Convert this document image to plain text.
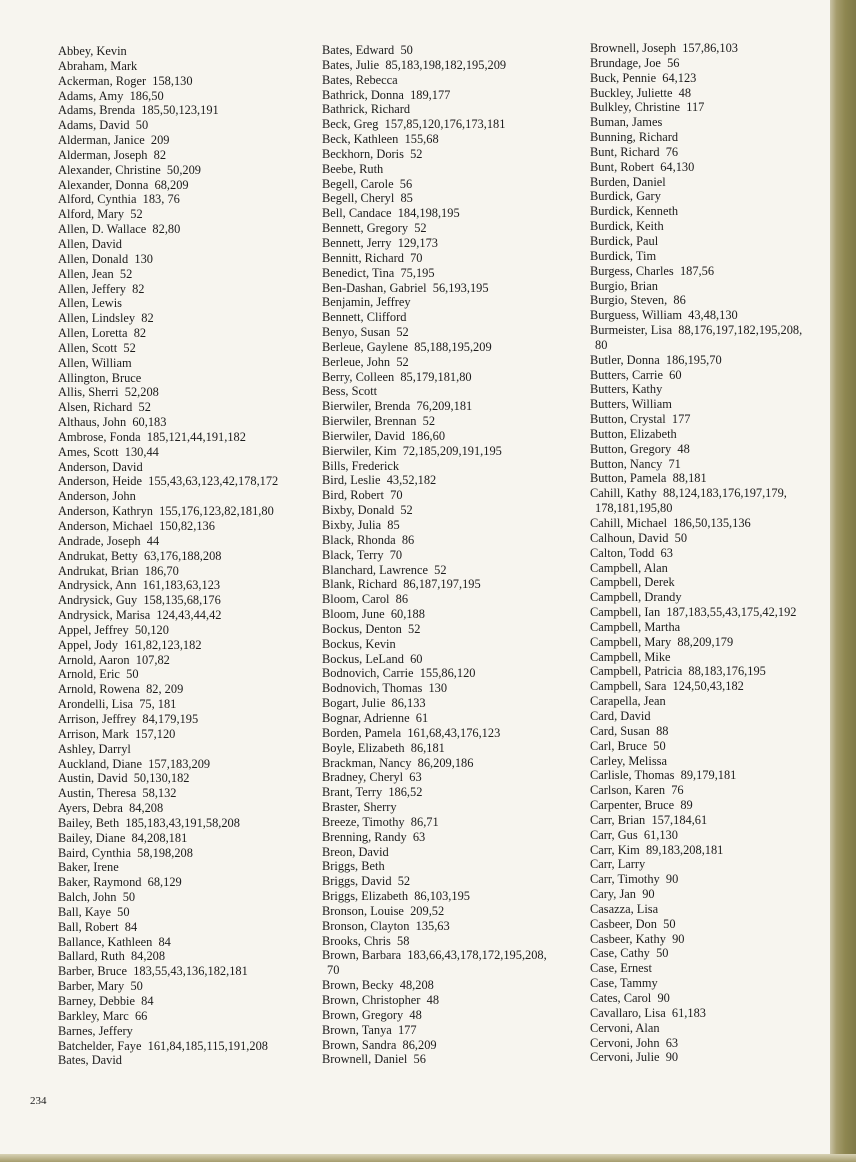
Abbey, Kevin
Abraham, Mark
Ackerman, Roger  158,130
Adams, Amy  186,50
Adams, Brenda  185,50,123,191
Adams, David  50
Alderman, Janice  209
Alderman, Joseph  82
Alexander, Christine  50,209
Alexander, Donna  68,209
Alford, Cynthia  183, 76
Alford, Mary  52
Allen, D. Wallace  82,80
Allen, David
Allen, Donald  130
Allen, Jean  52
Allen, Jeffery  82
Allen, Lewis
Allen, Lindsley  82
Allen, Loretta  82
Allen, Scott  52
Allen, William
Allington, Bruce
Allis, Sherri  52,208
Alsen, Richard  52
Althaus, John  60,183
Ambrose, Fonda  185,121,44,191,182
Ames, Scott  130,44
Anderson, David
Anderson, Heide  155,43,63,123,42,178,172
Anderson, John
Anderson, Kathryn  155,176,123,82,181,80
Anderson, Michael  150,82,136
Andrade, Joseph  44
Andrukat, Betty  63,176,188,208
Andrukat, Brian  186,70
Andrysick, Ann  161,183,63,123
Andrysick, Guy  158,135,68,176
Andrysick, Marisa  124,43,44,42
Appel, Jeffrey  50,120
Appel, Jody  161,82,123,182
Arnold, Aaron  107,82
Arnold, Eric  50
Arnold, Rowena  82, 209
Arondelli, Lisa  75, 181
Arrison, Jeffrey  84,179,195
Arrison, Mark  157,120
Ashley, Darryl
Auckland, Diane  157,183,209
Austin, David  50,130,182
Austin, Theresa  58,132
Ayers, Debra  84,208
Bailey, Beth  185,183,43,191,58,208
Bailey, Diane  84,208,181
Baird, Cynthia  58,198,208
Baker, Irene
Baker, Raymond  68,129
Balch, John  50
Ball, Kaye  50
Ball, Robert  84
Ballance, Kathleen  84
Ballard, Ruth  84,208
Barber, Bruce  183,55,43,136,182,181
Barber, Mary  50
Barney, Debbie  84
Barkley, Marc  66
Barnes, Jeffery
Batchelder, Faye  161,84,185,115,191,208
Bates, David
Bates, Edward  50
Bates, Julie  85,183,198,182,195,209
Bates, Rebecca
Bathrick, Donna  189,177
Bathrick, Richard
Beck, Greg  157,85,120,176,173,181
Beck, Kathleen  155,68
Beckhorn, Doris  52
Beebe, Ruth
Begell, Carole  56
Begell, Cheryl  85
Bell, Candace  184,198,195
Bennett, Gregory  52
Bennett, Jerry  129,173
Bennitt, Richard  70
Benedict, Tina  75,195
Ben-Dashan, Gabriel  56,193,195
Benjamin, Jeffrey
Bennett, Clifford
Benyo, Susan  52
Berleue, Gaylene  85,188,195,209
Berleue, John  52
Berry, Colleen  85,179,181,80
Bess, Scott
Bierwiler, Brenda  76,209,181
Bierwiler, Brennan  52
Bierwiler, David  186,60
Bierwiler, Kim  72,185,209,191,195
Bills, Frederick
Bird, Leslie  43,52,182
Bird, Robert  70
Bixby, Donald  52
Bixby, Julia  85
Black, Rhonda  86
Black, Terry  70
Blanchard, Lawrence  52
Blank, Richard  86,187,197,195
Bloom, Carol  86
Bloom, June  60,188
Bockus, Denton  52
Bockus, Kevin
Bockus, LeLand  60
Bodnovich, Carrie  155,86,120
Bodnovich, Thomas  130
Bogart, Julie  86,133
Bognar, Adrienne  61
Borden, Pamela  161,68,43,176,123
Boyle, Elizabeth  86,181
Brackman, Nancy  86,209,186
Bradney, Cheryl  63
Brant, Terry  186,52
Braster, Sherry
Breeze, Timothy  86,71
Brenning, Randy  63
Breon, David
Briggs, Beth
Briggs, David  52
Briggs, Elizabeth  86,103,195
Bronson, Louise  209,52
Bronson, Clayton  135,63
Brooks, Chris  58
Brown, Barbara  183,66,43,178,172,195,208,
70
Brown, Becky  48,208
Brown, Christopher  48
Brown, Gregory  48
Brown, Tanya  177
Brown, Sandra  86,209
Brownell, Daniel  56
Brownell, Joseph  157,86,103
Brundage, Joe  56
Buck, Pennie  64,123
Buckley, Juliette  48
Bulkley, Christine  117
Buman, James
Bunning, Richard
Bunt, Richard  76
Bunt, Robert  64,130
Burden, Daniel
Burdick, Gary
Burdick, Kenneth
Burdick, Keith
Burdick, Paul
Burdick, Tim
Burgess, Charles  187,56
Burgio, Brian
Burgio, Steven,  86
Burguess, William  43,48,130
Burmeister, Lisa  88,176,197,182,195,208,
80
Butler, Donna  186,195,70
Butters, Carrie  60
Butters, Kathy
Butters, William
Button, Crystal  177
Button, Elizabeth
Button, Gregory  48
Button, Nancy  71
Button, Pamela  88,181
Cahill, Kathy  88,124,183,176,197,179,
178,181,195,80
Cahill, Michael  186,50,135,136
Calhoun, David  50
Calton, Todd  63
Campbell, Alan
Campbell, Derek
Campbell, Drandy
Campbell, Ian  187,183,55,43,175,42,192
Campbell, Martha
Campbell, Mary  88,209,179
Campbell, Mike
Campbell, Patricia  88,183,176,195
Campbell, Sara  124,50,43,182
Carapella, Jean
Card, David
Card, Susan  88
Carl, Bruce  50
Carley, Melissa
Carlisle, Thomas  89,179,181
Carlson, Karen  76
Carpenter, Bruce  89
Carr, Brian  157,184,61
Carr, Gus  61,130
Carr, Kim  89,183,208,181
Carr, Larry
Carr, Timothy  90
Cary, Jan  90
Casazza, Lisa
Casbeer, Don  50
Casbeer, Kathy  90
Case, Cathy  50
Case, Ernest
Case, Tammy
Cates, Carol  90
Cavallaro, Lisa  61,183
Cervoni, Alan
Cervoni, John  63
Cervoni, Julie  90
234
